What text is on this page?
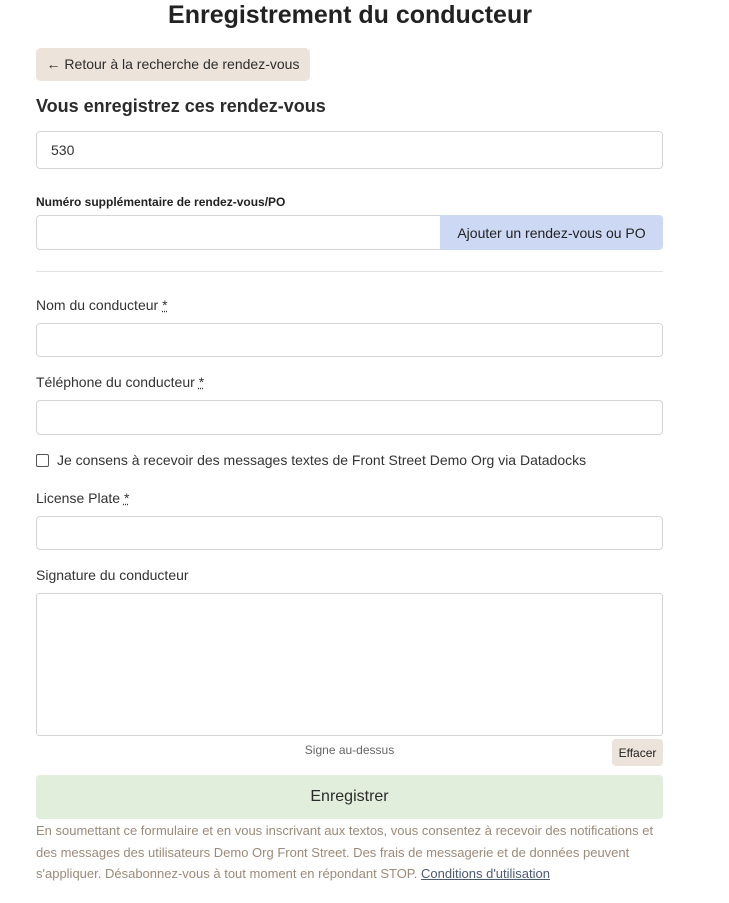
Enregistrement du conducteur
← Retour à la recherche de rendez-vous
Vous enregistrez ces rendez-vous
530
Numéro supplémentaire de rendez-vous/PO
Ajouter un rendez-vous ou PO
Nom du conducteur *
Téléphone du conducteur *
Je consens à recevoir des messages textes de Front Street Demo Org via Datadocks
License Plate *
Signature du conducteur
Signe au-dessus	Effacer
Enregistrer
En soumettant ce formulaire et en vous inscrivant aux textos, vous consentez à recevoir des notifications et des messages des utilisateurs Demo Org Front Street. Des frais de messagerie et de données peuvent s'appliquer. Désabonnez-vous à tout moment en répondant STOP. Conditions d'utilisation
